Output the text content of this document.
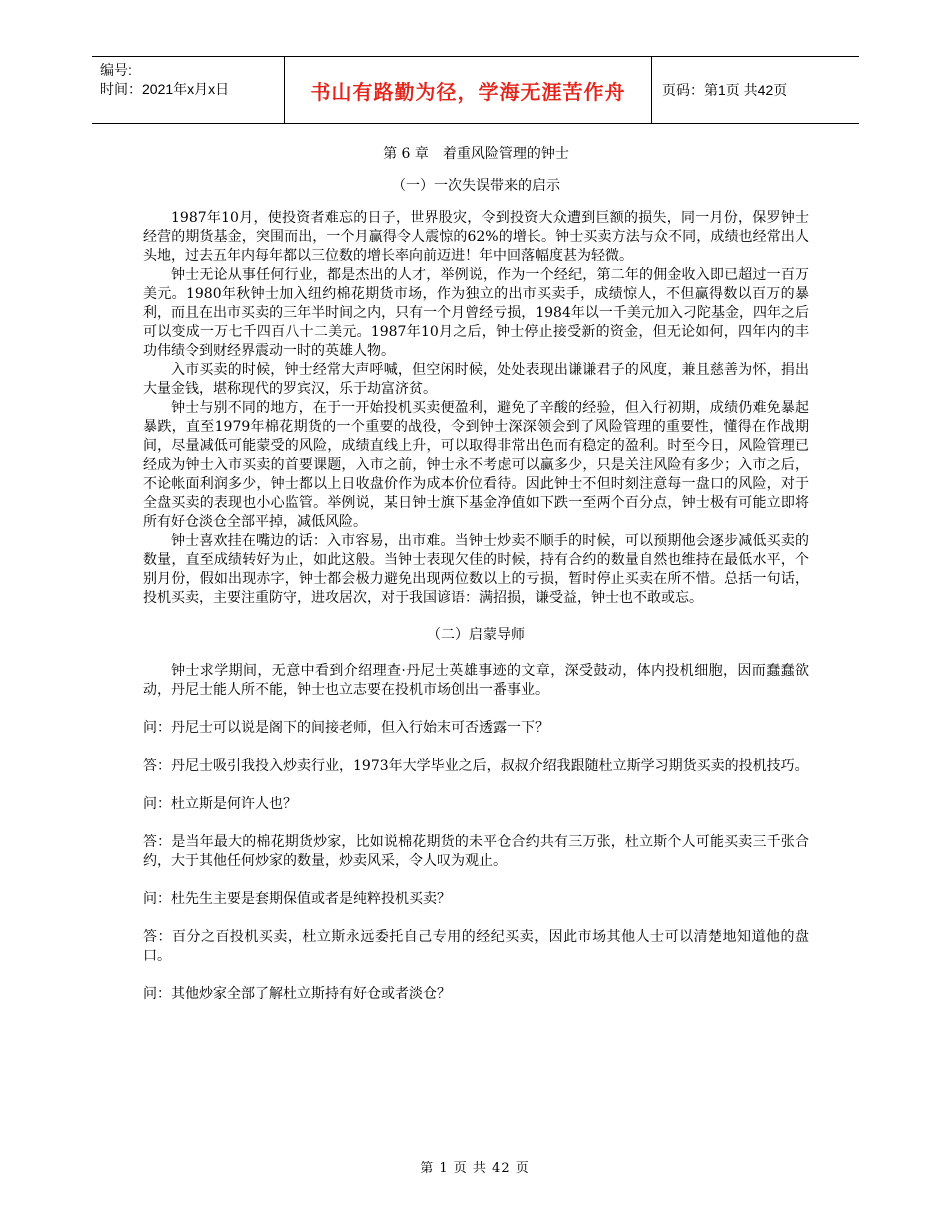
编号:
时间：2021年x月x日	书山有路勤为径，学海无涯苦作舟	页码：第1页 共42页
第 6 章　着重风险管理的钟士
（一）一次失误带来的启示

1987年10月，使投资者难忘的日子，世界股灾，令到投资大众遭到巨额的损失，同一月份，保罗钟士经营的期货基金，突围而出，一个月赢得令人震惊的62%的增长。钟士买卖方法与众不同，成绩也经常出人头地，过去五年内每年都以三位数的增长率向前迈进！年中回落幅度甚为轻微。

钟士无论从事任何行业，都是杰出的人才，举例说，作为一个经纪，第二年的佣金收入即已超过一百万美元。1980年秋钟士加入纽约棉花期货市场，作为独立的出市买卖手，成绩惊人，不但赢得数以百万的暴利，而且在出市买卖的三年半时间之内，只有一个月曾经亏损，1984年以一千美元加入刁陀基金，四年之后可以变成一万七千四百八十二美元。1987年10月之后，钟士停止接受新的资金，但无论如何，四年内的丰功伟绩令到财经界震动一时的英雄人物。

入市买卖的时候，钟士经常大声呼喊，但空闲时候，处处表现出谦谦君子的风度，兼且慈善为怀，捐出大量金钱，堪称现代的罗宾汉，乐于劫富济贫。

钟士与别不同的地方，在于一开始投机买卖便盈利，避免了辛酸的经验，但入行初期，成绩仍难免暴起暴跌，直至1979年棉花期货的一个重要的战役，令到钟士深深领会到了风险管理的重要性，懂得在作战期间，尽量减低可能蒙受的风险，成绩直线上升，可以取得非常出色而有稳定的盈利。时至今日，风险管理已经成为钟士入市买卖的首要课题，入市之前，钟士永不考虑可以赢多少，只是关注风险有多少；入市之后，不论帐面利润多少，钟士都以上日收盘价作为成本价位看待。因此钟士不但时刻注意每一盘口的风险，对于全盘买卖的表现也小心监管。举例说，某日钟士旗下基金净值如下跌一至两个百分点，钟士极有可能立即将所有好仓淡仓全部平掉，减低风险。

钟士喜欢挂在嘴边的话：入市容易，出市难。当钟士炒卖不顺手的时候，可以预期他会逐步减低买卖的数量，直至成绩转好为止，如此这般。当钟士表现欠佳的时候，持有合约的数量自然也维持在最低水平，个别月份，假如出现赤字，钟士都会极力避免出现两位数以上的亏损，暂时停止买卖在所不惜。总括一句话，投机买卖，主要注重防守，进攻居次，对于我国谚语：满招损，谦受益，钟士也不敢或忘。

（二）启蒙导师

钟士求学期间，无意中看到介绍理查·丹尼士英雄事迹的文章，深受鼓动，体内投机细胞，因而蠢蠢欲动，丹尼士能人所不能，钟士也立志要在投机市场创出一番事业。

问：丹尼士可以说是阁下的间接老师，但入行始末可否透露一下？

答：丹尼士吸引我投入炒卖行业，1973年大学毕业之后，叔叔介绍我跟随杜立斯学习期货买卖的投机技巧。

问：杜立斯是何许人也？

答：是当年最大的棉花期货炒家，比如说棉花期货的未平仓合约共有三万张，杜立斯个人可能买卖三千张合约，大于其他任何炒家的数量，炒卖风采，令人叹为观止。

问：杜先生主要是套期保值或者是纯粹投机买卖？

答：百分之百投机买卖，杜立斯永远委托自己专用的经纪买卖，因此市场其他人士可以清楚地知道他的盘口。

问：其他炒家全部了解杜立斯持有好仓或者淡仓？

第 1 页 共 42 页
